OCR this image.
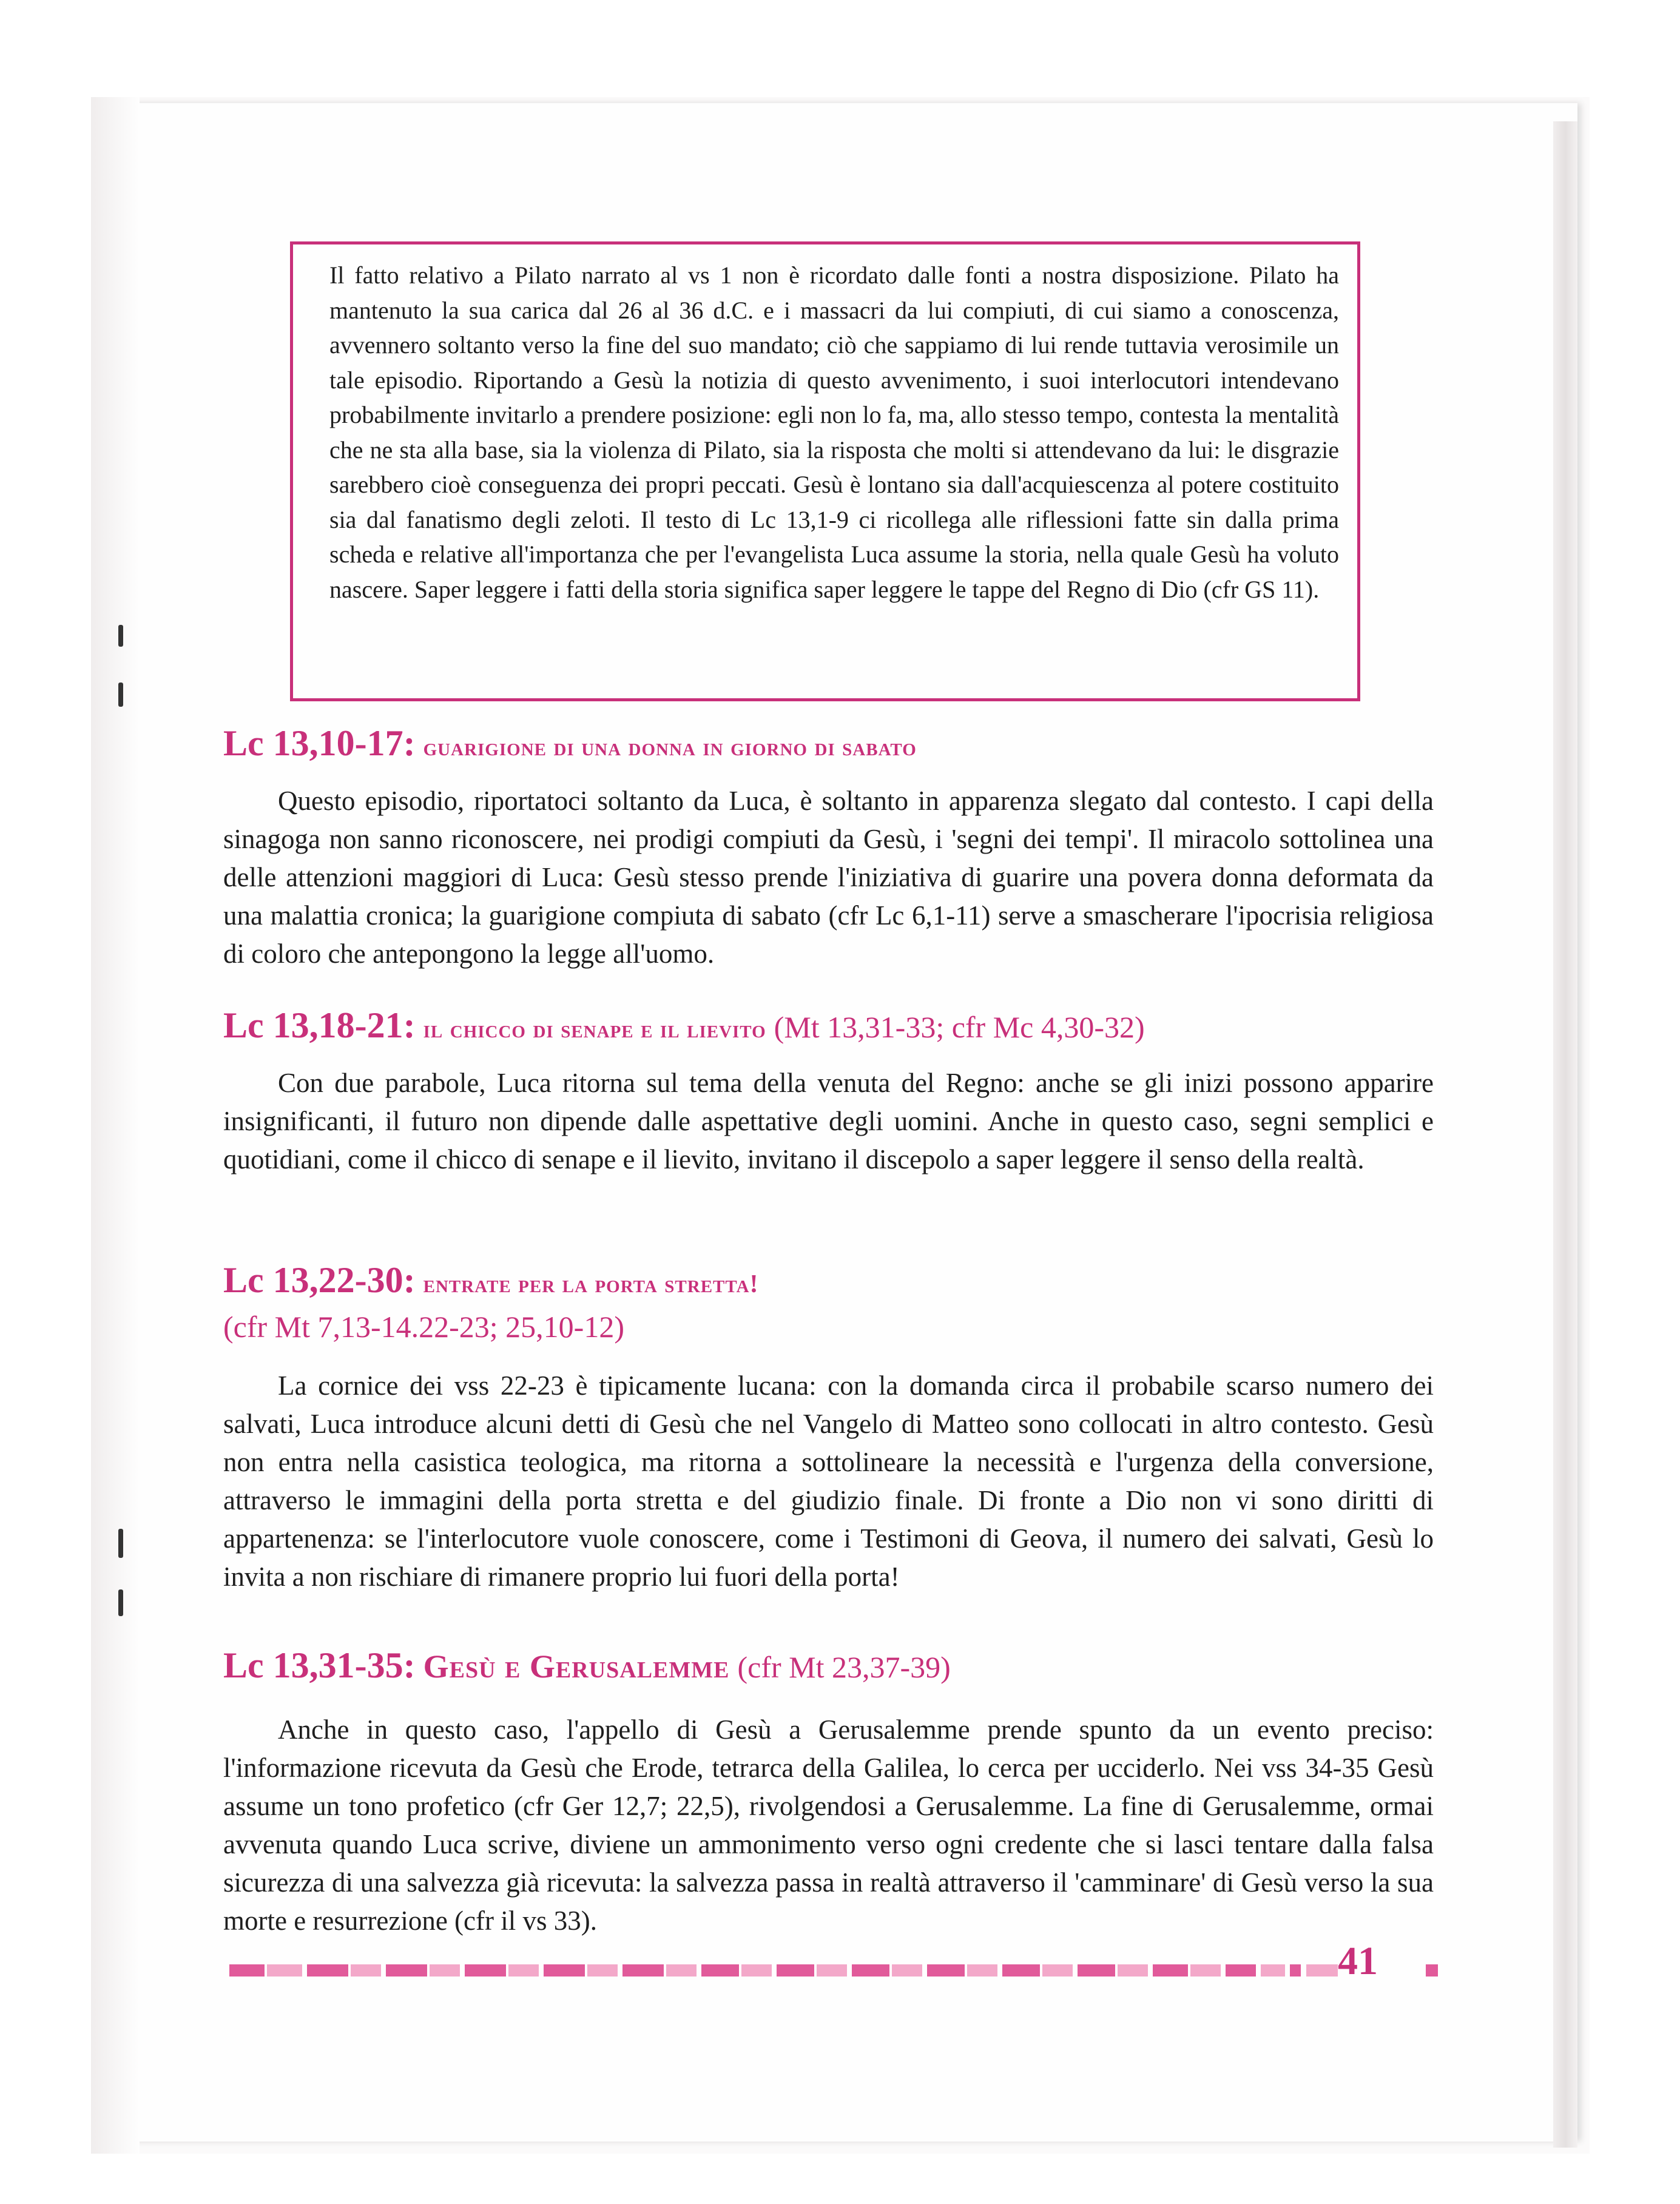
Il fatto relativo a Pilato narrato al vs 1 non è ricordato dalle fonti a nostra disposizione. Pilato ha mantenuto la sua carica dal 26 al 36 d.C. e i massacri da lui compiuti, di cui siamo a conoscenza, avvennero soltanto verso la fine del suo mandato; ciò che sappiamo di lui rende tuttavia verosimile un tale episodio. Riportando a Gesù la notizia di questo avvenimento, i suoi interlocutori intendevano probabilmente invitarlo a prendere posizione: egli non lo fa, ma, allo stesso tempo, contesta la mentalità che ne sta alla base, sia la violenza di Pilato, sia la risposta che molti si attendevano da lui: le disgrazie sarebbero cioè conseguenza dei propri peccati. Gesù è lontano sia dall'acquiescenza al potere costituito sia dal fanatismo degli zeloti. Il testo di Lc 13,1-9 ci ricollega alle riflessioni fatte sin dalla prima scheda e relative all'importanza che per l'evangelista Luca assume la storia, nella quale Gesù ha voluto nascere. Saper leggere i fatti della storia significa saper leggere le tappe del Regno di Dio (cfr GS 11).

Lc 13,10-17: guarigione di una donna in giorno di sabato

Questo episodio, riportatoci soltanto da Luca, è soltanto in apparenza slegato dal contesto. I capi della sinagoga non sanno riconoscere, nei prodigi compiuti da Gesù, i 'segni dei tempi'. Il miracolo sottolinea una delle attenzioni maggiori di Luca: Gesù stesso prende l'iniziativa di guarire una povera donna deformata da una malattia cronica; la guarigione compiuta di sabato (cfr Lc 6,1-11) serve a smascherare l'ipocrisia religiosa di coloro che antepongono la legge all'uomo.

Lc 13,18-21: il chicco di senape e il lievito (Mt 13,31-33; cfr Mc 4,30-32)

Con due parabole, Luca ritorna sul tema della venuta del Regno: anche se gli inizi possono apparire insignificanti, il futuro non dipende dalle aspettative degli uomini. Anche in questo caso, segni semplici e quotidiani, come il chicco di senape e il lievito, invitano il discepolo a saper leggere il senso della realtà.

Lc 13,22-30: entrate per la porta stretta!
(cfr Mt 7,13-14.22-23; 25,10-12)

La cornice dei vss 22-23 è tipicamente lucana: con la domanda circa il probabile scarso numero dei salvati, Luca introduce alcuni detti di Gesù che nel Vangelo di Matteo sono collocati in altro contesto. Gesù non entra nella casistica teologica, ma ritorna a sottolineare la necessità e l'urgenza della conversione, attraverso le immagini della porta stretta e del giudizio finale. Di fronte a Dio non vi sono diritti di appartenenza: se l'interlocutore vuole conoscere, come i Testimoni di Geova, il numero dei salvati, Gesù lo invita a non rischiare di rimanere proprio lui fuori della porta!

Lc 13,31-35: Gesù e Gerusalemme (cfr Mt 23,37-39)

Anche in questo caso, l'appello di Gesù a Gerusalemme prende spunto da un evento preciso: l'informazione ricevuta da Gesù che Erode, tetrarca della Galilea, lo cerca per ucciderlo. Nei vss 34-35 Gesù assume un tono profetico (cfr Ger 12,7; 22,5), rivolgendosi a Gerusalemme. La fine di Gerusalemme, ormai avvenuta quando Luca scrive, diviene un ammonimento verso ogni credente che si lasci tentare dalla falsa sicurezza di una salvezza già ricevuta: la salvezza passa in realtà attraverso il 'camminare' di Gesù verso la sua morte e resurrezione (cfr il vs 33).

41
